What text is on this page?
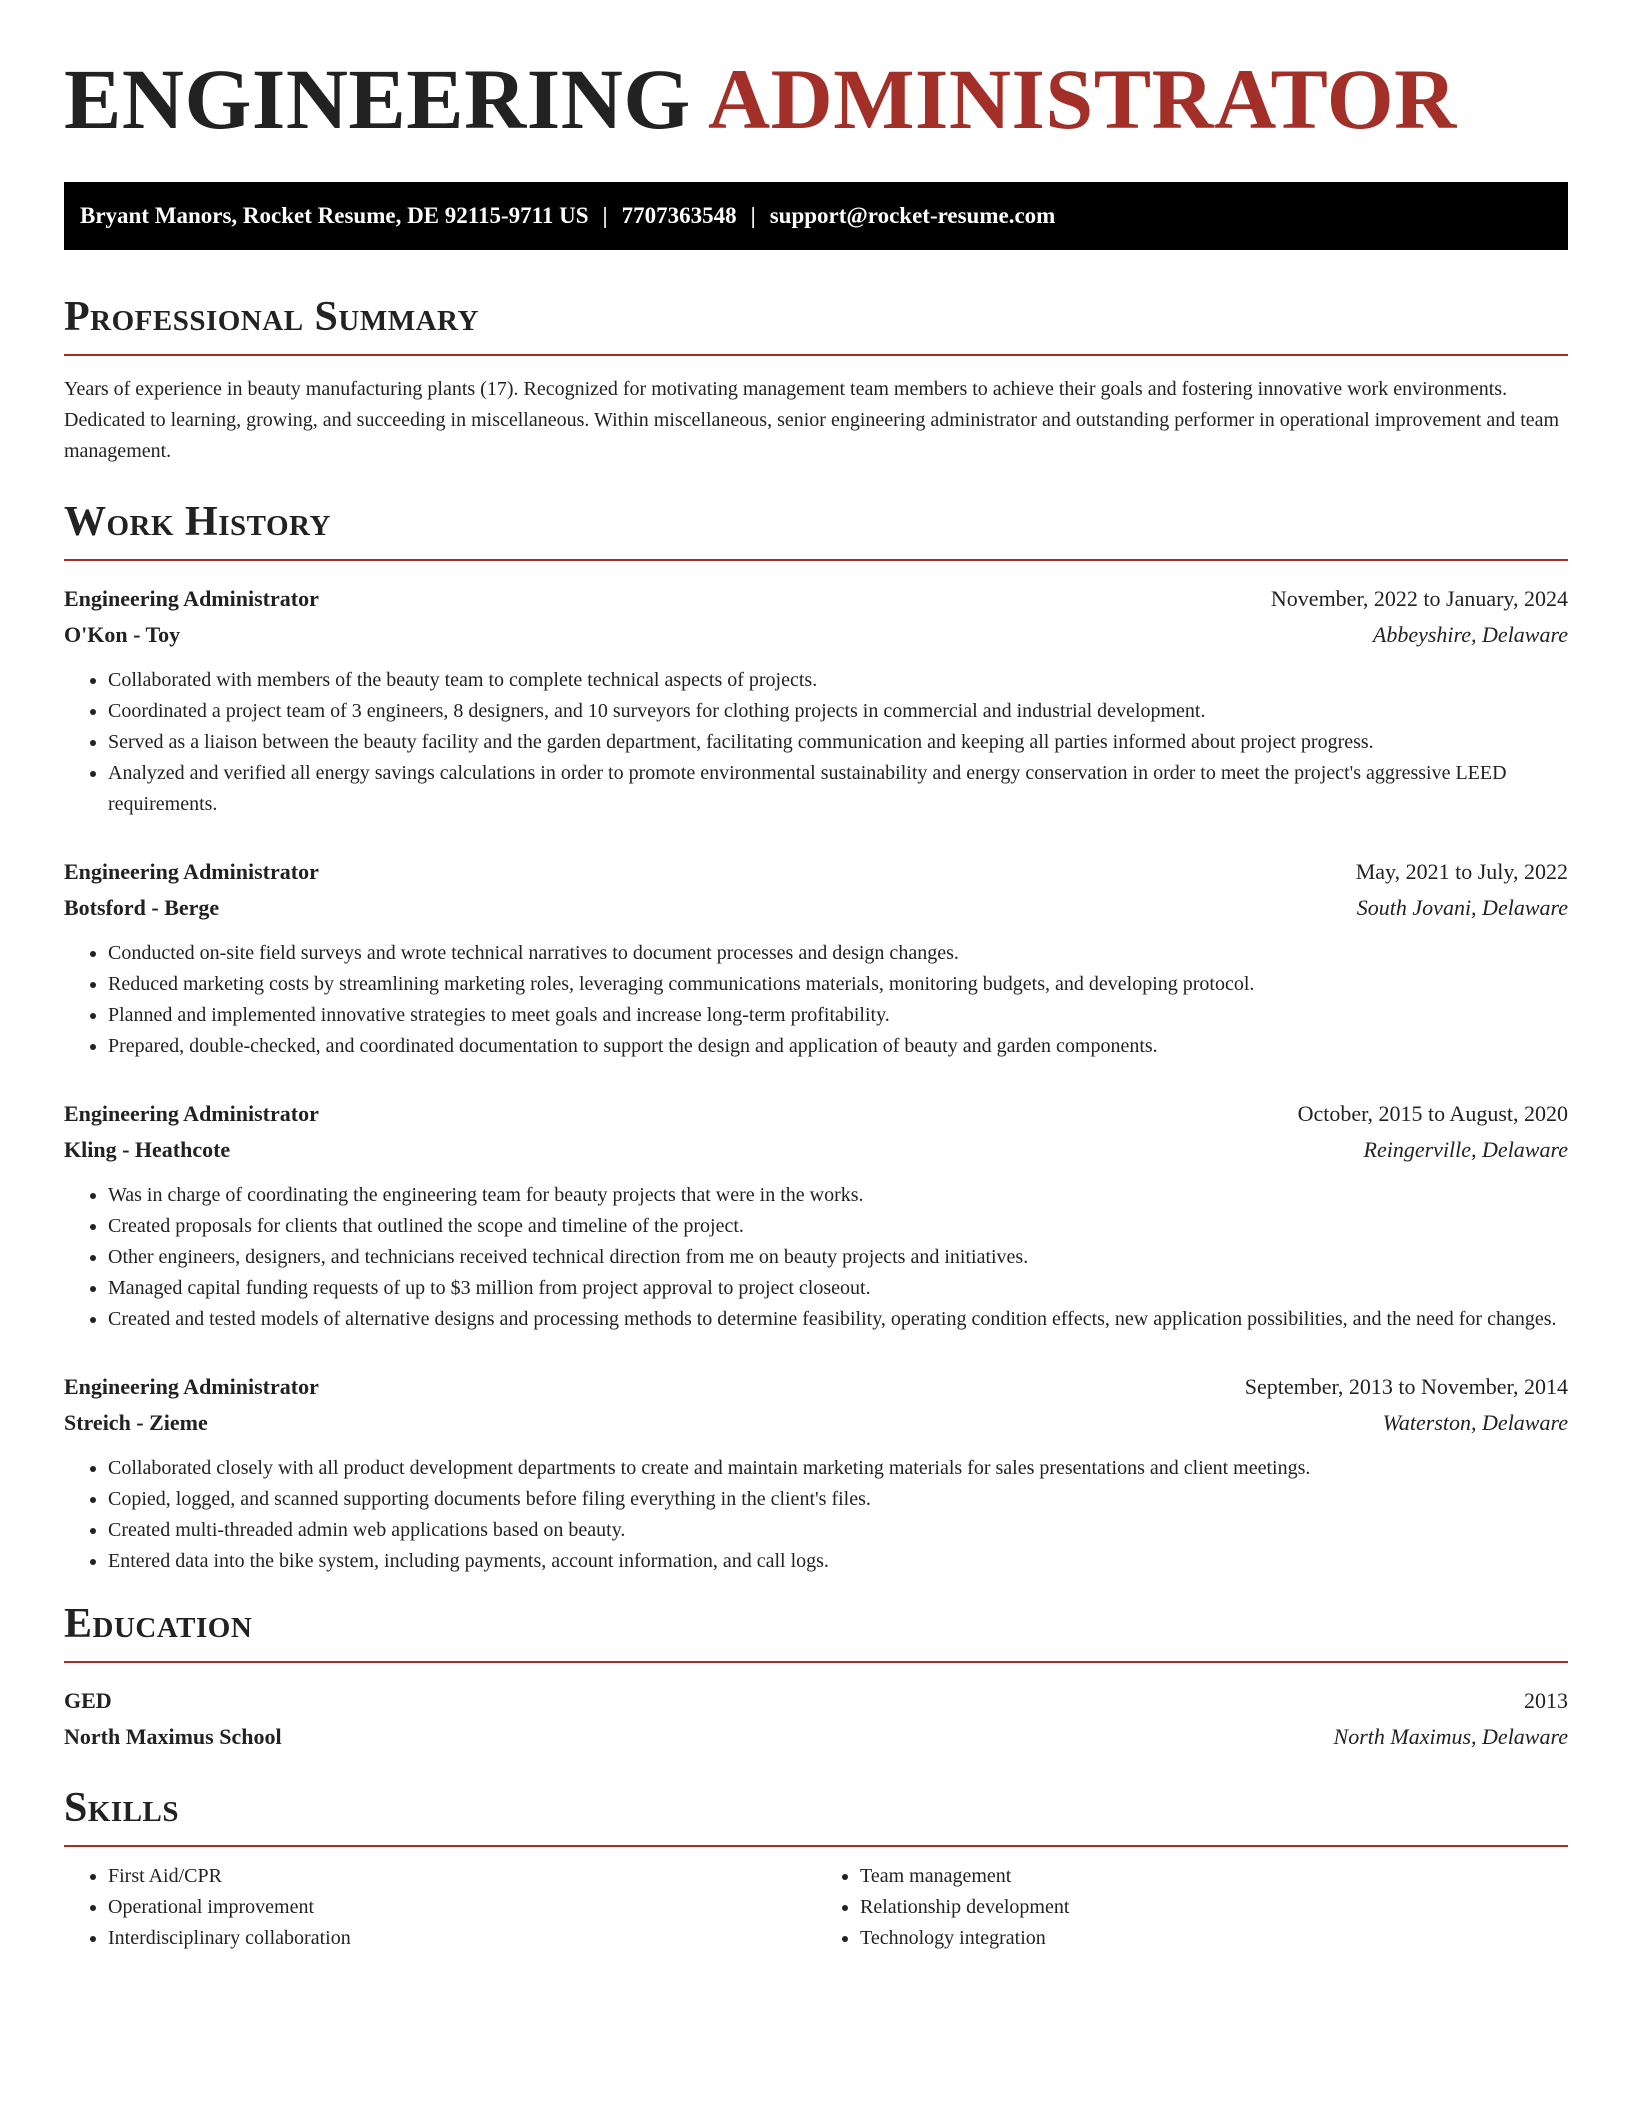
ENGINEERING ADMINISTRATOR
Bryant Manors, Rocket Resume, DE 92115-9711 US | 7707363548 | support@rocket-resume.com
Professional Summary

Years of experience in beauty manufacturing plants (17). Recognized for motivating management team members to achieve their goals and fostering innovative work environments. Dedicated to learning, growing, and succeeding in miscellaneous. Within miscellaneous, senior engineering administrator and outstanding performer in operational improvement and team management.

Work History
Engineering Administrator	November, 2022 to January, 2024
O'Kon - Toy	Abbeyshire, Delaware
• Collaborated with members of the beauty team to complete technical aspects of projects.
• Coordinated a project team of 3 engineers, 8 designers, and 10 surveyors for clothing projects in commercial and industrial development.
• Served as a liaison between the beauty facility and the garden department, facilitating communication and keeping all parties informed about project progress.
• Analyzed and verified all energy savings calculations in order to promote environmental sustainability and energy conservation in order to meet the project's aggressive LEED requirements.
Engineering Administrator	May, 2021 to July, 2022
Botsford - Berge	South Jovani, Delaware
• Conducted on-site field surveys and wrote technical narratives to document processes and design changes.
• Reduced marketing costs by streamlining marketing roles, leveraging communications materials, monitoring budgets, and developing protocol.
• Planned and implemented innovative strategies to meet goals and increase long-term profitability.
• Prepared, double-checked, and coordinated documentation to support the design and application of beauty and garden components.
Engineering Administrator	October, 2015 to August, 2020
Kling - Heathcote	Reingerville, Delaware
• Was in charge of coordinating the engineering team for beauty projects that were in the works.
• Created proposals for clients that outlined the scope and timeline of the project.
• Other engineers, designers, and technicians received technical direction from me on beauty projects and initiatives.
• Managed capital funding requests of up to $3 million from project approval to project closeout.
• Created and tested models of alternative designs and processing methods to determine feasibility, operating condition effects, new application possibilities, and the need for changes.
Engineering Administrator	September, 2013 to November, 2014
Streich - Zieme	Waterston, Delaware
• Collaborated closely with all product development departments to create and maintain marketing materials for sales presentations and client meetings.
• Copied, logged, and scanned supporting documents before filing everything in the client's files.
• Created multi-threaded admin web applications based on beauty.
• Entered data into the bike system, including payments, account information, and call logs.
Education
GED	2013
North Maximus School	North Maximus, Delaware
Skills
• First Aid/CPR
• Operational improvement
• Interdisciplinary collaboration
• Team management
• Relationship development
• Technology integration
